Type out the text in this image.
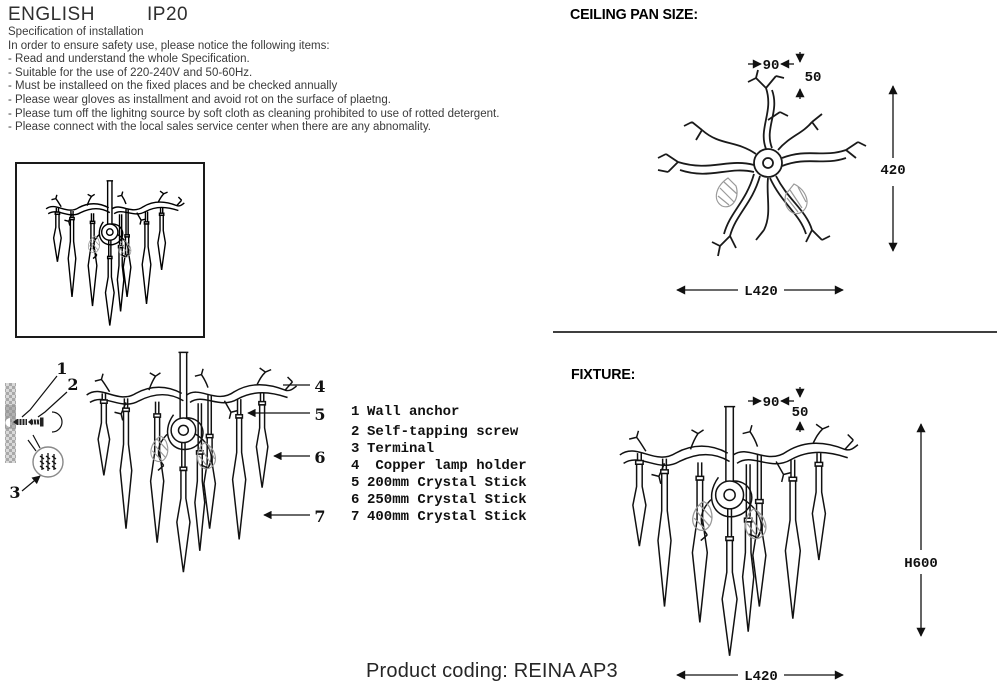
ENGLISH	IP20
Specification of installation
In order to ensure safety use, please notice the following items:
- Read and understand the whole Specification.
- Suitable for the use of 220-240V and 50-60Hz.
- Must be installeed on the fixed places and be checked annually
- Please wear gloves as installment and avoid rot on the surface of plaetng.
- Please tum off the lighitng source by soft cloth as cleaning prohibited to use of rotted detergent.
- Please connect with the local sales service center when there are any abnomality.
1
2
3
4
5
6
7
1 Wall anchor
2 Self-tapping screw
3 Terminal
4 Copper lamp holder
5 200mm Crystal Stick
6 250mm Crystal Stick
7 400mm Crystal Stick
CEILING PAN SIZE:
90
50
420
L420
FIXTURE:
90
50
H600
L420
Product coding: REINA AP3
